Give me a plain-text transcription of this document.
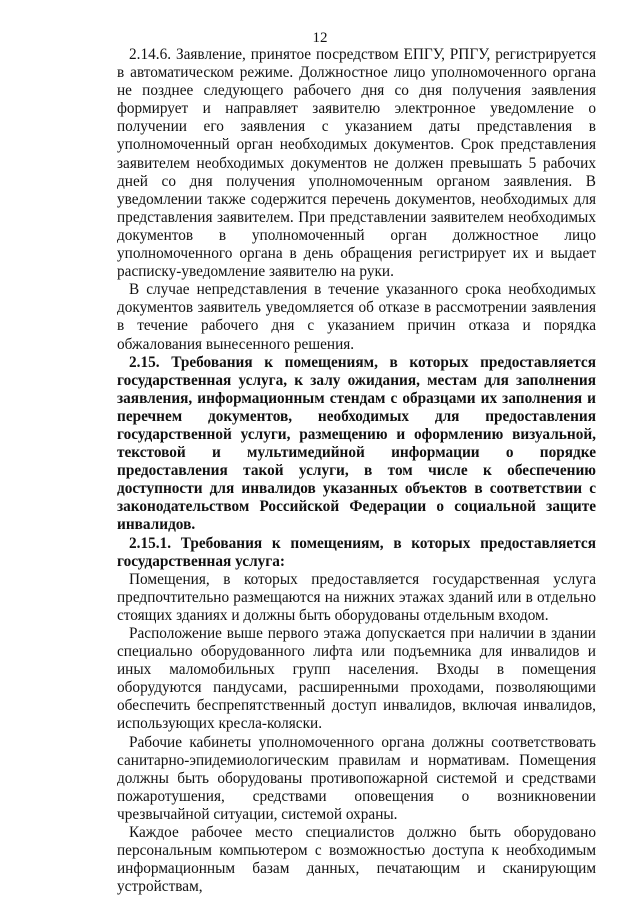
12

2.14.6. Заявление, принятое посредством ЕПГУ, РПГУ, регистрируется в автоматическом режиме. Должностное лицо уполномоченного органа не позднее следующего рабочего дня со дня получения заявления формирует и направляет заявителю электронное уведомление о получении его заявления с указанием даты представления в уполномоченный орган необходимых документов. Срок представления заявителем необходимых документов не должен превышать 5 рабочих дней со дня получения уполномоченным органом заявления. В уведомлении также содержится перечень документов, необходимых для представления заявителем. При представлении заявителем необходимых документов в уполномоченный орган должностное лицо уполномоченного органа в день обращения регистрирует их и выдает расписку-уведомление заявителю на руки.

В случае непредставления в течение указанного срока необходимых документов заявитель уведомляется об отказе в рассмотрении заявления в течение рабочего дня с указанием причин отказа и порядка обжалования вынесенного решения.

2.15. Требования к помещениям, в которых предоставляется государственная услуга, к залу ожидания, местам для заполнения заявления, информационным стендам с образцами их заполнения и перечнем документов, необходимых для предоставления государственной услуги, размещению и оформлению визуальной, текстовой и мультимедийной информации о порядке предоставления такой услуги, в том числе к обеспечению доступности для инвалидов указанных объектов в соответствии с законодательством Российской Федерации о социальной защите инвалидов.

2.15.1. Требования к помещениям, в которых предоставляется государственная услуга:

Помещения, в которых предоставляется государственная услуга предпочтительно размещаются на нижних этажах зданий или в отдельно стоящих зданиях и должны быть оборудованы отдельным входом.

Расположение выше первого этажа допускается при наличии в здании специально оборудованного лифта или подъемника для инвалидов и иных маломобильных групп населения. Входы в помещения оборудуются пандусами, расширенными проходами, позволяющими обеспечить беспрепятственный доступ инвалидов, включая инвалидов, использующих кресла-коляски.

Рабочие кабинеты уполномоченного органа должны соответствовать санитарно-эпидемиологическим правилам и нормативам. Помещения должны быть оборудованы противопожарной системой и средствами пожаротушения, средствами оповещения о возникновении чрезвычайной ситуации, системой охраны.

Каждое рабочее место специалистов должно быть оборудовано персональным компьютером с возможностью доступа к необходимым информационным базам данных, печатающим и сканирующим устройствам,
